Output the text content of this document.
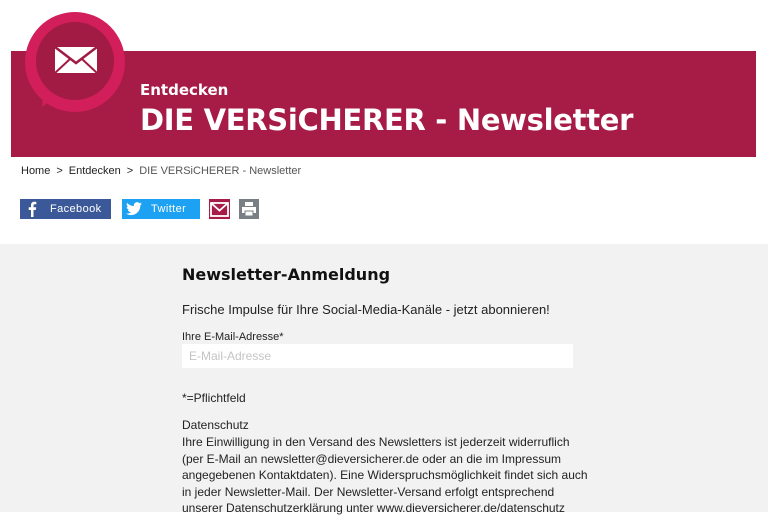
Entdecken
DIE VERSiCHERER - Newsletter
Home > Entdecken > DIE VERSiCHERER - Newsletter
Facebook	Twitter
Newsletter-Anmeldung
Frische Impulse für Ihre Social-Media-Kanäle - jetzt abonnieren!
Ihre E-Mail-Adresse*
E-Mail-Adresse
*=Pflichtfeld
Datenschutz
Ihre Einwilligung in den Versand des Newsletters ist jederzeit widerruflich (per E-Mail an newsletter@dieversicherer.de oder an die im Impressum angegebenen Kontaktdaten). Eine Widerspruchsmöglichkeit findet sich auch in jeder Newsletter-Mail. Der Newsletter-Versand erfolgt entsprechend unserer Datenschutzerklärung unter www.dieversicherer.de/datenschutz
